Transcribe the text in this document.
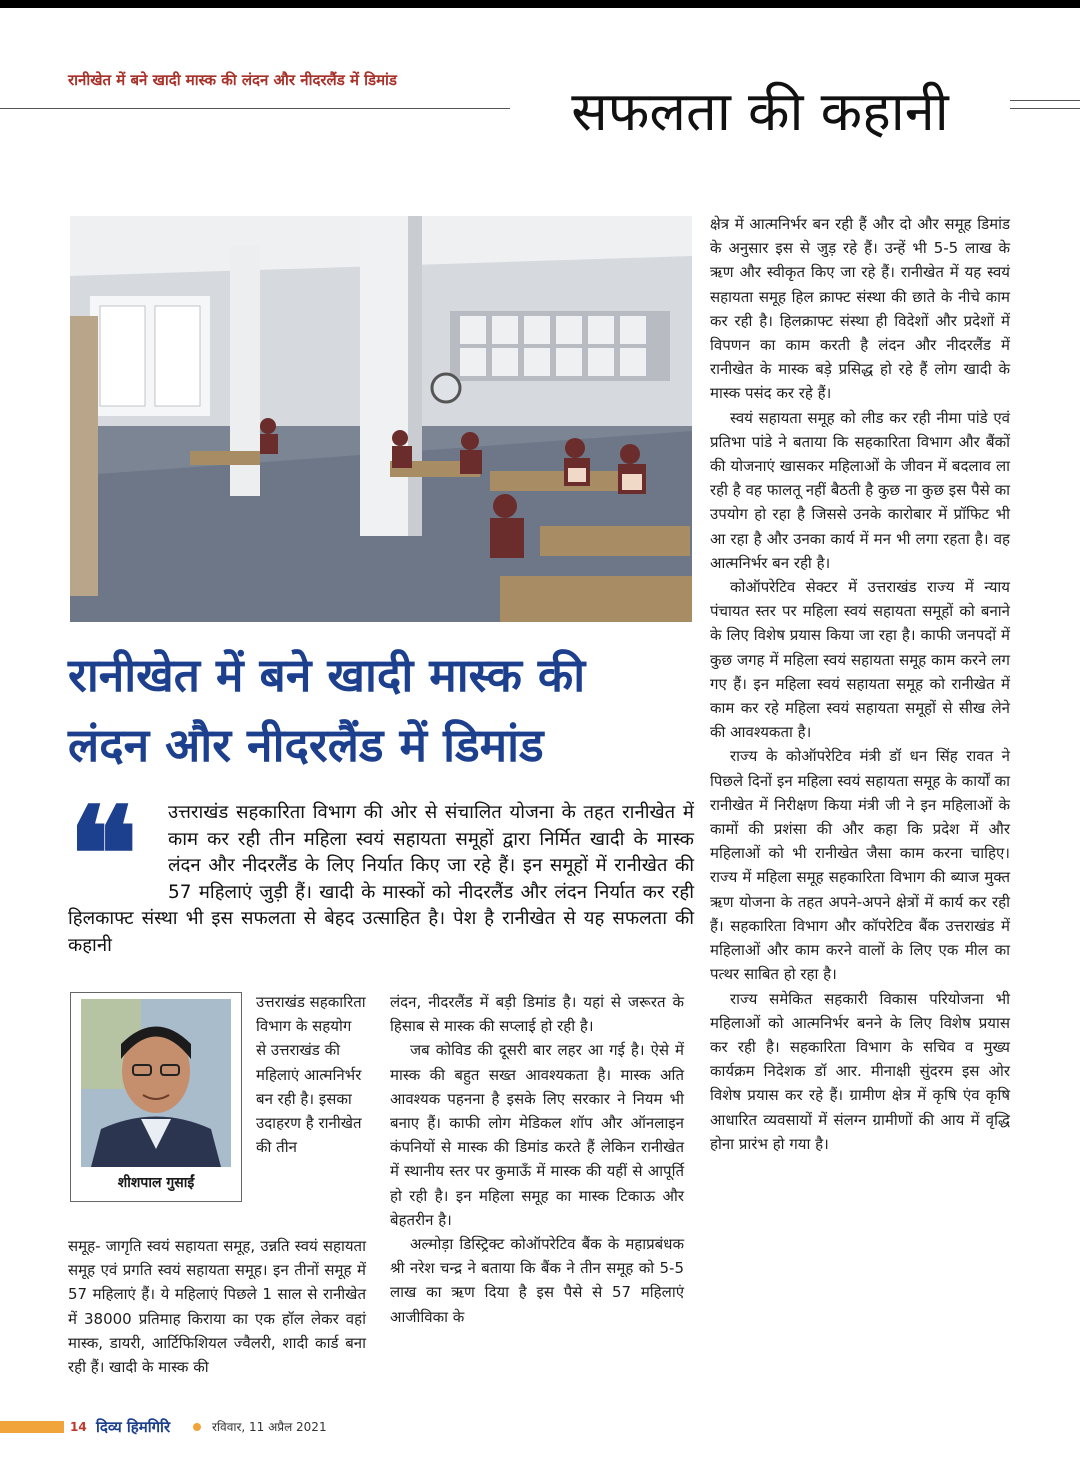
रानीखेत में बने खादी मास्क की लंदन और नीदरलैंड में डिमांड	सफलता की कहानी
रानीखेत में बने खादी मास्क की
लंदन और नीदरलैंड में डिमांड
❝	उत्तराखंड सहकारिता विभाग की ओर से संचालित योजना के तहत रानीखेत में काम कर रही तीन महिला स्वयं सहायता समूहों द्वारा निर्मित खादी के मास्क लंदन और नीदरलैंड के लिए निर्यात किए जा रहे हैं। इन समूहों में रानीखेत की 57 महिलाएं जुड़ी हैं। खादी के मास्कों को नीदरलैंड और लंदन निर्यात कर रही हिलकाफ्ट संस्था भी इस सफलता से बेहद उत्साहित है। पेश है रानीखेत से यह सफलता की कहानी
शीशपाल गुसाईं
उत्तराखंड सहकारिता विभाग के सहयोग से उत्तराखंड की महिलाएं आत्मनिर्भर बन रही है। इसका उदाहरण है रानीखेत की तीन
समूह- जागृति स्वयं सहायता समूह, उन्नति स्वयं सहायता समूह एवं प्रगति स्वयं सहायता समूह। इन तीनों समूह में 57 महिलाएं हैं। ये महिलाएं पिछले 1 साल से रानीखेत में 38000 प्रतिमाह किराया का एक हॉल लेकर वहां मास्क, डायरी, आर्टिफिशियल ज्वैलरी, शादी कार्ड बना रही हैं। खादी के मास्क की

लंदन, नीदरलैंड में बड़ी डिमांड है। यहां से जरूरत के हिसाब से मास्क की सप्लाई हो रही है।

जब कोविड की दूसरी बार लहर आ गई है। ऐसे में मास्क की बहुत सख्त आवश्यकता है। मास्क अति आवश्यक पहनना है इसके लिए सरकार ने नियम भी बनाए हैं। काफी लोग मेडिकल शॉप और ऑनलाइन कंपनियों से मास्क की डिमांड करते हैं लेकिन रानीखेत में स्थानीय स्तर पर कुमाऊँ में मास्क की यहीं से आपूर्ति हो रही है। इन महिला समूह का मास्क टिकाऊ और बेहतरीन है।

अल्मोड़ा डिस्ट्रिक्ट कोऑपरेटिव बैंक के महाप्रबंधक श्री नरेश चन्द्र ने बताया कि बैंक ने तीन समूह को 5-5 लाख का ऋण दिया है इस पैसे से 57 महिलाएं आजीविका के

क्षेत्र में आत्मनिर्भर बन रही हैं और दो और समूह डिमांड के अनुसार इस से जुड़ रहे हैं। उन्हें भी 5-5 लाख के ऋण और स्वीकृत किए जा रहे हैं। रानीखेत में यह स्वयं सहायता समूह हिल क्राफ्ट संस्था की छाते के नीचे काम कर रही है। हिलक्राफ्ट संस्था ही विदेशों और प्रदेशों में विपणन का काम करती है लंदन और नीदरलैंड में रानीखेत के मास्क बड़े प्रसिद्ध हो रहे हैं लोग खादी के मास्क पसंद कर रहे हैं।

स्वयं सहायता समूह को लीड कर रही नीमा पांडे एवं प्रतिभा पांडे ने बताया कि सहकारिता विभाग और बैंकों की योजनाएं खासकर महिलाओं के जीवन में बदलाव ला रही है वह फालतू नहीं बैठती है कुछ ना कुछ इस पैसे का उपयोग हो रहा है जिससे उनके कारोबार में प्रॉफिट भी आ रहा है और उनका कार्य में मन भी लगा रहता है। वह आत्मनिर्भर बन रही है।

कोऑपरेटिव सेक्टर में उत्तराखंड राज्य में न्याय पंचायत स्तर पर महिला स्वयं सहायता समूहों को बनाने के लिए विशेष प्रयास किया जा रहा है। काफी जनपदों में कुछ जगह में महिला स्वयं सहायता समूह काम करने लग गए हैं। इन महिला स्वयं सहायता समूह को रानीखेत में काम कर रहे महिला स्वयं सहायता समूहों से सीख लेने की आवश्यकता है।

राज्य के कोऑपरेटिव मंत्री डॉ धन सिंह रावत ने पिछले दिनों इन महिला स्वयं सहायता समूह के कार्यों का रानीखेत में निरीक्षण किया मंत्री जी ने इन महिलाओं के कामों की प्रशंसा की और कहा कि प्रदेश में और महिलाओं को भी रानीखेत जैसा काम करना चाहिए। राज्य में महिला समूह सहकारिता विभाग की ब्याज मुक्त ऋण योजना के तहत अपने-अपने क्षेत्रों में कार्य कर रही हैं। सहकारिता विभाग और कॉपरेटिव बैंक उत्तराखंड में महिलाओं और काम करने वालों के लिए एक मील का पत्थर साबित हो रहा है।

राज्य समेकित सहकारी विकास परियोजना भी महिलाओं को आत्मनिर्भर बनने के लिए विशेष प्रयास कर रही है। सहकारिता विभाग के सचिव व मुख्य कार्यक्रम निदेशक डॉ आर. मीनाक्षी सुंदरम इस ओर विशेष प्रयास कर रहे हैं। ग्रामीण क्षेत्र में कृषि एंव कृषि आधारित व्यवसायों में संलग्न ग्रामीणों की आय में वृद्धि होना प्रारंभ हो गया है।

14 दिव्य हिमगिरि	रविवार, 11 अप्रैल 2021
